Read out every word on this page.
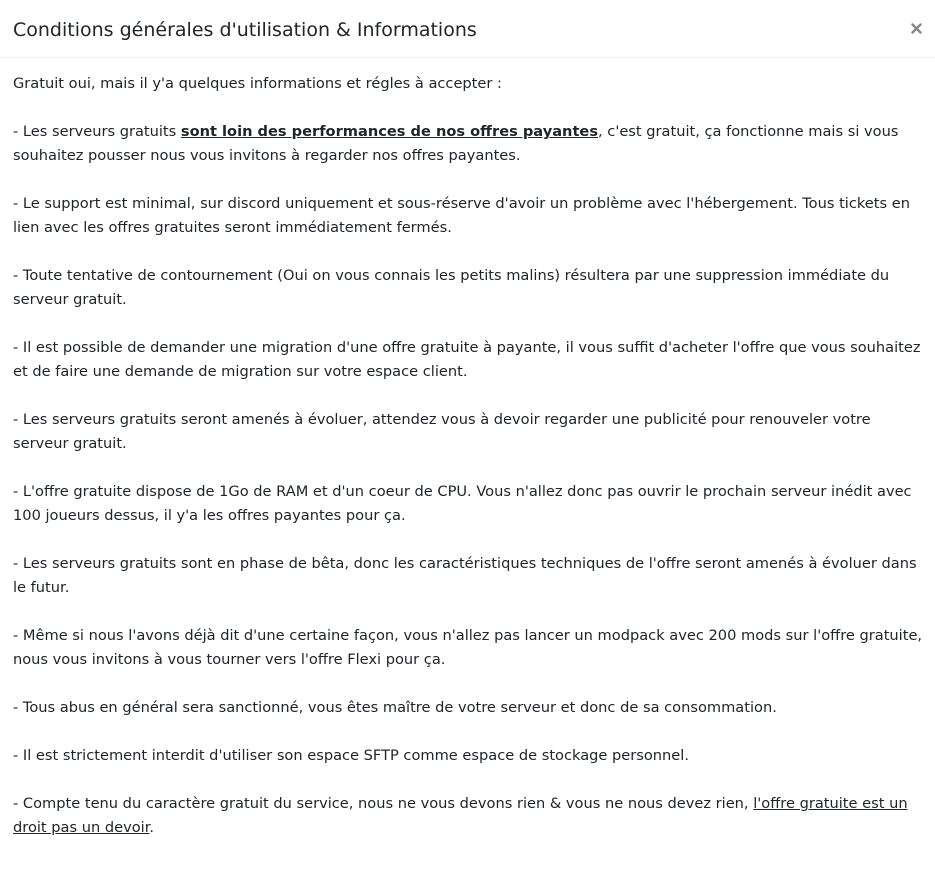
Conditions générales d'utilisation & Informations

Gratuit oui, mais il y'a quelques informations et régles à accepter :

- Les serveurs gratuits sont loin des performances de nos offres payantes, c'est gratuit, ça fonctionne mais si vous souhaitez pousser nous vous invitons à regarder nos offres payantes.

- Le support est minimal, sur discord uniquement et sous-réserve d'avoir un problème avec l'hébergement. Tous tickets en lien avec les offres gratuites seront immédiatement fermés.

- Toute tentative de contournement (Oui on vous connais les petits malins) résultera par une suppression immédiate du serveur gratuit.

- Il est possible de demander une migration d'une offre gratuite à payante, il vous suffit d'acheter l'offre que vous souhaitez et de faire une demande de migration sur votre espace client.

- Les serveurs gratuits seront amenés à évoluer, attendez vous à devoir regarder une publicité pour renouveler votre serveur gratuit.

- L'offre gratuite dispose de 1Go de RAM et d'un coeur de CPU. Vous n'allez donc pas ouvrir le prochain serveur inédit avec 100 joueurs dessus, il y'a les offres payantes pour ça.

- Les serveurs gratuits sont en phase de bêta, donc les caractéristiques techniques de l'offre seront amenés à évoluer dans le futur.

- Même si nous l'avons déjà dit d'une certaine façon, vous n'allez pas lancer un modpack avec 200 mods sur l'offre gratuite, nous vous invitons à vous tourner vers l'offre Flexi pour ça.

- Tous abus en général sera sanctionné, vous êtes maître de votre serveur et donc de sa consommation.

- Il est strictement interdit d'utiliser son espace SFTP comme espace de stockage personnel.

- Compte tenu du caractère gratuit du service, nous ne vous devons rien & vous ne nous devez rien, l'offre gratuite est un droit pas un devoir.
